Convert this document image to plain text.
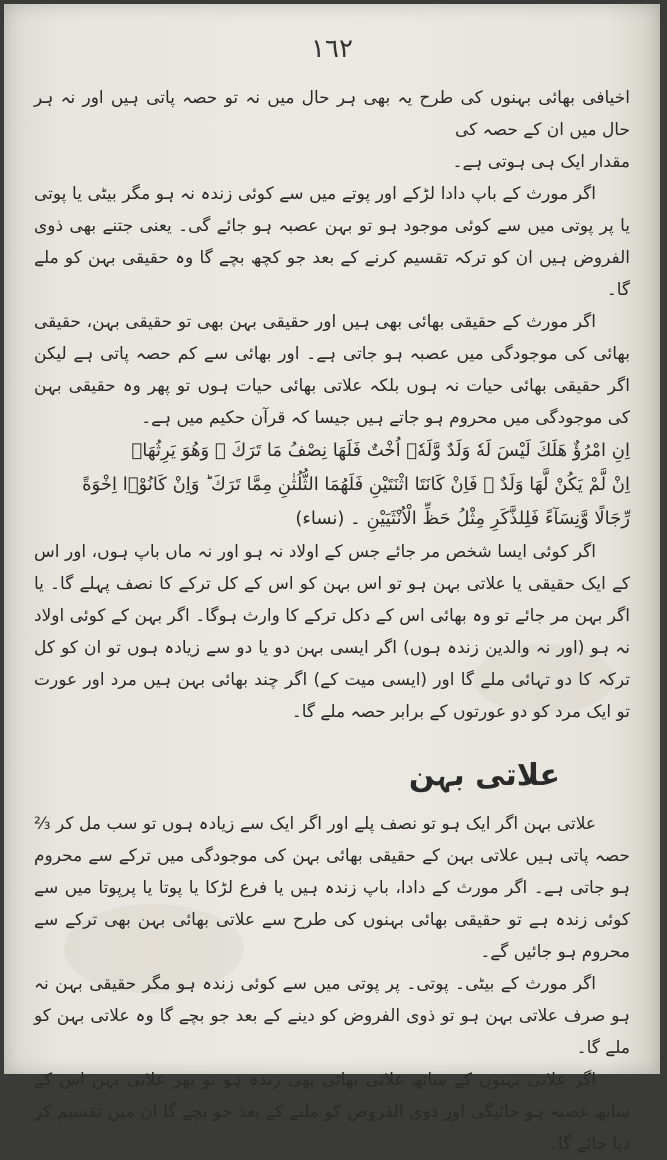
١٦٢

اخیافی بھائی بہنوں کی طرح یہ بھی ہر حال میں نہ تو حصہ پاتی ہیں اور نہ ہر حال میں ان کے حصہ کی

مقدار ایک ہی ہوتی ہے۔

اگر مورث کے باپ دادا لڑکے اور پوتے میں سے کوئی زندہ نہ ہو مگر بیٹی یا پوتی یا پر پوتی میں سے کوئی موجود ہو تو بہن عصبہ ہو جائے گی۔ یعنی جتنے بھی ذوی الفروض ہیں ان کو ترکہ تقسیم کرنے کے بعد جو کچھ بچے گا وہ حقیقی بہن کو ملے گا۔

اگر مورث کے حقیقی بھائی بھی ہیں اور حقیقی بہن بھی تو حقیقی بہن، حقیقی بھائی کی موجودگی میں عصبہ ہو جاتی ہے۔ اور بھائی سے کم حصہ پاتی ہے لیکن اگر حقیقی بھائی حیات نہ ہوں بلکہ علاتی بھائی حیات ہوں تو پھر وہ حقیقی بہن کی موجودگی میں محروم ہو جاتے ہیں جیسا کہ قرآن حکیم میں ہے۔

اِنِ امْرُؤٌ هَلَكَ لَيْسَ لَهٗ وَلَدٌ وَّلَهٗۤ اُخْتٌ فَلَهَا نِصْفُ مَا تَرَكَ ۚ وَهُوَ يَرِثُهَاۤ

اِنْ لَّمْ يَكُنْ لَّهَا وَلَدٌ ۚ فَاِنْ كَانَتَا اثْنَتَيْنِ فَلَهُمَا الثُّلُثٰنِ مِمَّا تَرَكَ ؕ وَاِنْ كَانُوْۤا اِخْوَةً

رِّجَالًا وَّنِسَآءً فَلِلذَّكَرِ مِثْلُ حَظِّ الْاُنْثَيَيْنِ ۔ (نساء)

اگر کوئی ایسا شخص مر جائے جس کے اولاد نہ ہو اور نہ ماں باپ ہوں، اور اس کے ایک حقیقی یا علاتی بہن ہو تو اس بہن کو اس کے کل ترکے کا نصف پہلے گا۔ یا اگر بہن مر جائے تو وہ بھائی اس کے دکل ترکے کا وارث ہوگا۔ اگر بہن کے کوئی اولاد نہ ہو (اور نہ والدین زندہ ہوں) اگر ایسی بہن دو یا دو سے زیادہ ہوں تو ان کو کل ترکہ کا دو تہائی ملے گا اور (ایسی میت کے) اگر چند بھائی بہن ہیں مرد اور عورت تو ایک مرد کو دو عورتوں کے برابر حصہ ملے گا۔

علاتی بہن

علاتی بہن اگر ایک ہو تو نصف پلے اور اگر ایک سے زیادہ ہوں تو سب مل کر ⅔ حصہ پاتی ہیں علاتی بہن کے حقیقی بھائی بہن کی موجودگی میں ترکے سے محروم ہو جاتی ہے۔ اگر مورث کے دادا، باپ زندہ ہیں یا فرع لڑکا یا پوتا یا پرپوتا میں سے کوئی زندہ ہے تو حقیقی بھائی بہنوں کی طرح سے علاتی بھائی بہن بھی ترکے سے محروم ہو جائیں گے۔

اگر مورث کے بیٹی۔ پوتی۔ پر پوتی میں سے کوئی زندہ ہو مگر حقیقی بہن نہ ہو صرف علاتی بہن ہو تو ذوی الفروض کو دینے کے بعد جو بچے گا وہ علاتی بہن کو ملے گا۔

اگر علاتی بہنوں کے ساتھ علاتی بھائی بھی زندہ ہو تو پھر علاتی بہن اس کے ساتھ عصبہ ہو جائیگی اور ذوی الفروض کو ملنے کے بعد جو بچے گا ان میں تقسیم کر دیا جائے گا۔
